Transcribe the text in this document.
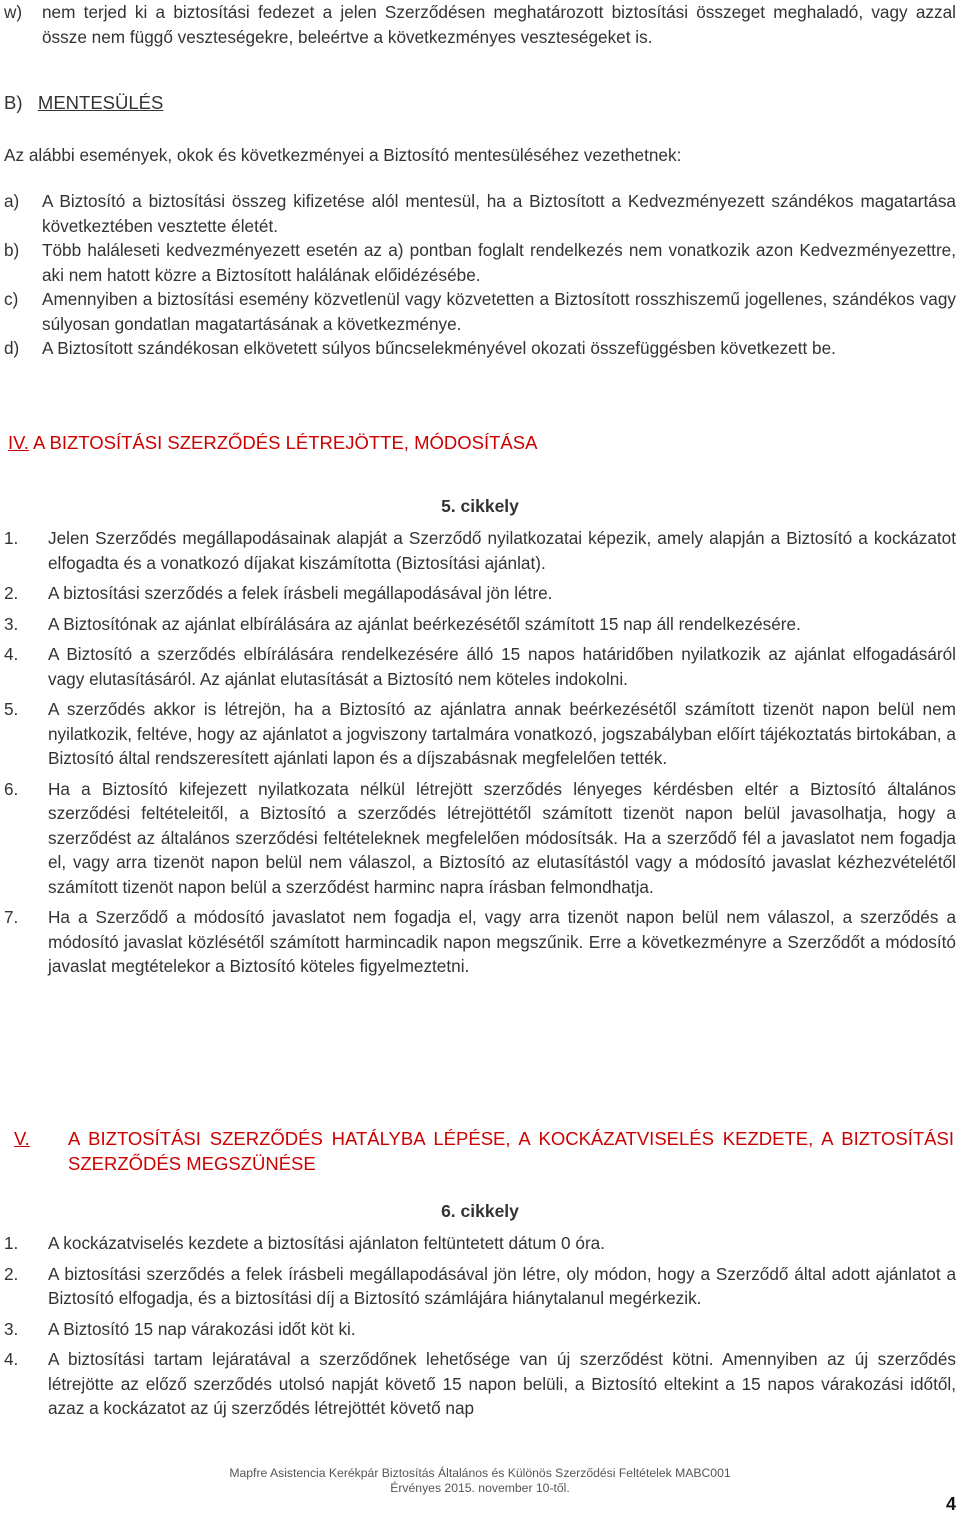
w) nem terjed ki a biztosítási fedezet a jelen Szerződésen meghatározott biztosítási összeget meghaladó, vagy azzal össze nem függő veszteségekre, beleértve a következményes veszteségeket is.
B) MENTESÜLÉS
Az alábbi események, okok és következményei a Biztosító mentesüléséhez vezethetnek:
a) A Biztosító a biztosítási összeg kifizetése alól mentesül, ha a Biztosított a Kedvezményezett szándékos magatartása következtében vesztette életét.
b) Több haláleseti kedvezményezett esetén az a) pontban foglalt rendelkezés nem vonatkozik azon Kedvezményezettre, aki nem hatott közre a Biztosított halálának előidézésébe.
c) Amennyiben a biztosítási esemény közvetlenül vagy közvetetten a Biztosított rosszhiszemű jogellenes, szándékos vagy súlyosan gondatlan magatartásának a következménye.
d) A Biztosított szándékosan elkövetett súlyos bűncselekményével okozati összefüggésben következett be.
IV. A BIZTOSÍTÁSI SZERZŐDÉS LÉTREJÖTTE, MÓDOSÍTÁSA
5. cikkely
1. Jelen Szerződés megállapodásainak alapját a Szerződő nyilatkozatai képezik, amely alapján a Biztosító a kockázatot elfogadta és a vonatkozó díjakat kiszámította (Biztosítási ajánlat).
2. A biztosítási szerződés a felek írásbeli megállapodásával jön létre.
3. A Biztosítónak az ajánlat elbírálására az ajánlat beérkezésétől számított 15 nap áll rendelkezésére.
4. A Biztosító a szerződés elbírálására rendelkezésére álló 15 napos határidőben nyilatkozik az ajánlat elfogadásáról vagy elutasításáról. Az ajánlat elutasítását a Biztosító nem köteles indokolni.
5. A szerződés akkor is létrejön, ha a Biztosító az ajánlatra annak beérkezésétől számított tizenöt napon belül nem nyilatkozik, feltéve, hogy az ajánlatot a jogviszony tartalmára vonatkozó, jogszabályban előírt tájékoztatás birtokában, a Biztosító által rendszeresített ajánlati lapon és a díjszabásnak megfelelően tették.
6. Ha a Biztosító kifejezett nyilatkozata nélkül létrejött szerződés lényeges kérdésben eltér a Biztosító általános szerződési feltételeitől, a Biztosító a szerződés létrejöttétől számított tizenöt napon belül javasolhatja, hogy a szerződést az általános szerződési feltételeknek megfelelően módosítsák. Ha a szerződő fél a javaslatot nem fogadja el, vagy arra tizenöt napon belül nem válaszol, a Biztosító az elutasítástól vagy a módosító javaslat kézhezvételétől számított tizenöt napon belül a szerződést harminc napra írásban felmondhatja.
7. Ha a Szerződő a módosító javaslatot nem fogadja el, vagy arra tizenöt napon belül nem válaszol, a szerződés a módosító javaslat közlésétől számított harmincadik napon megszűnik. Erre a következményre a Szerződőt a módosító javaslat megtételekor a Biztosító köteles figyelmeztetni.
V.	A BIZTOSÍTÁSI SZERZŐDÉS HATÁLYBA LÉPÉSE, A KOCKÁZATVISELÉS KEZDETE, A BIZTOSÍTÁSI SZERZŐDÉS MEGSZÜNÉSE
6. cikkely
1. A kockázatviselés kezdete a biztosítási ajánlaton feltüntetett dátum 0 óra.
2. A biztosítási szerződés a felek írásbeli megállapodásával jön létre, oly módon, hogy a Szerződő által adott ajánlatot a Biztosító elfogadja, és a biztosítási díj a Biztosító számlájára hiánytalanul megérkezik.
3. A Biztosító 15 nap várakozási időt köt ki.
4. A biztosítási tartam lejáratával a szerződőnek lehetősége van új szerződést kötni. Amennyiben az új szerződés létrejötte az előző szerződés utolsó napját követő 15 napon belüli, a Biztosító eltekint a 15 napos várakozási időtől, azaz a kockázatot az új szerződés létrejöttét követő nap
Mapfre Asistencia Kerékpár Biztosítás Általános és Különös Szerződési Feltételek MABC001
Érvényes 2015. november 10-től.
4
